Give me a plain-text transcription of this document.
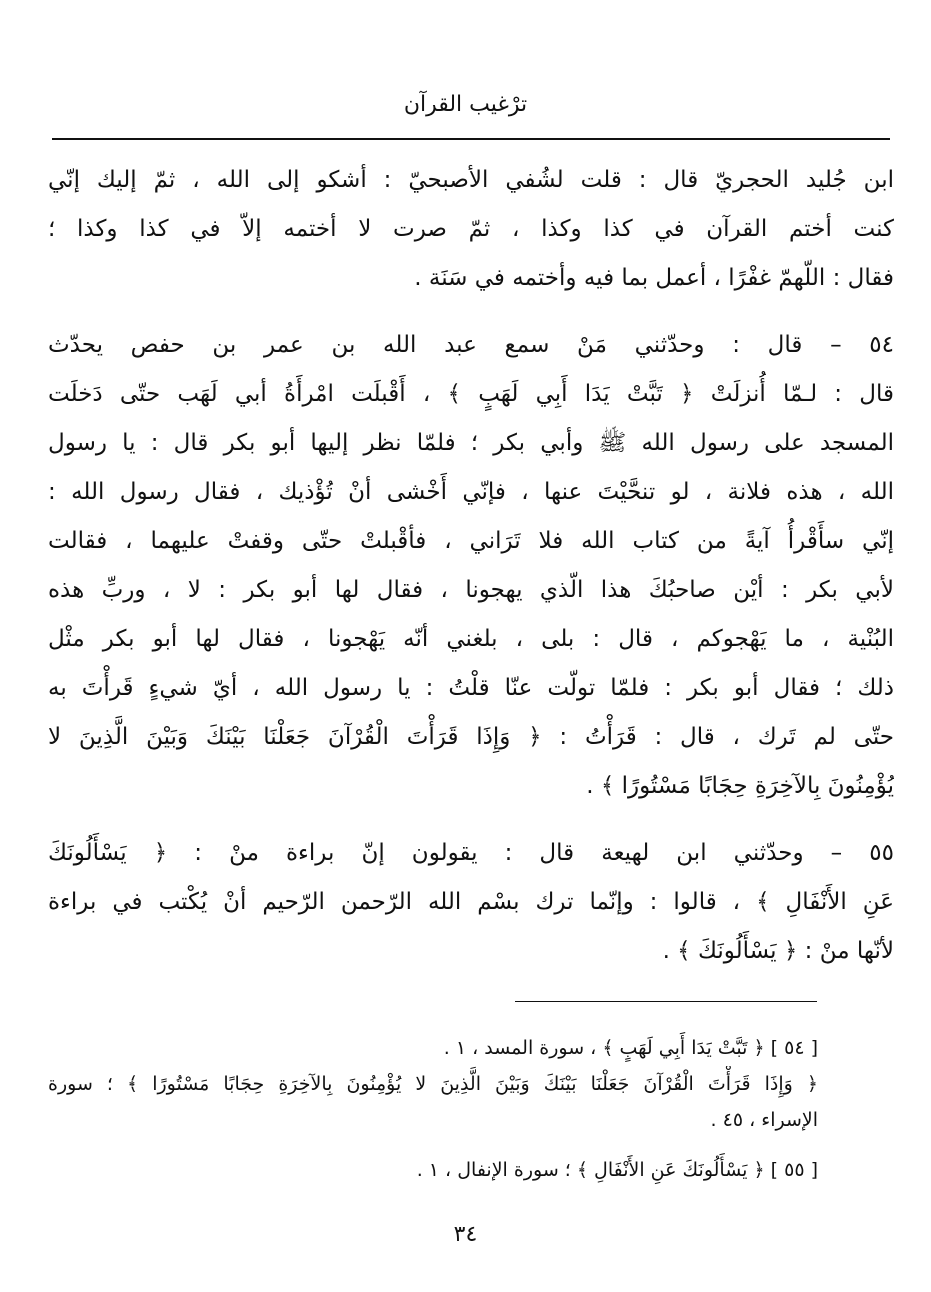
ترْغيب القرآن
ابن جُليد الحجريّ قال : قلت لشُفي الأصبحيّ : أشكو إلى الله ، ثمّ إليك إنّي
كنت أختم القرآن في كذا وكذا ، ثمّ صرت لا أختمه إلاّ في كذا وكذا ؛
فقال : اللّهمّ غفْرًا ، أعمل بما فيه وأختمه في سَنَة .
٥٤ – قال : وحدّثني مَنْ سمع عبد الله بن عمر بن حفص يحدّث
قال : لـمّا أُنزلَتْ ﴿ تَبَّتْ يَدَا أَبِي لَهَبٍ ﴾ ، أَقْبلَت امْرأَةُ أبي لَهَب حتّى دَخلَت
المسجد على رسول الله ﷺ وأبي بكر ؛ فلمّا نظر إليها أبو بكر قال : يا رسول
الله ، هذه فلانة ، لو تنحَّيْتَ عنها ، فإنّي أَخْشى أنْ تُؤْذيك ، فقال رسول الله :
إنّي سأَقْرأُ آيةً من كتاب الله فلا تَرَاني ، فأقْبلتْ حتّى وقفتْ عليهما ، فقالت
لأبي بكر : أيْن صاحبُكَ هذا الّذي يهجونا ، فقال لها أبو بكر : لا ، وربِّ هذه
البُنْية ، ما يَهْجوكم ، قال : بلى ، بلغني أنّه يَهْجونا ، فقال لها أبو بكر مثْل
ذلك ؛ فقال أبو بكر : فلمّا تولّت عنّا قلْتُ : يا رسول الله ، أيّ شيءٍ قَرأْتَ به
حتّى لم تَرك ، قال : قَرَأْتُ : ﴿ وَإِذَا قَرَأْتَ الْقُرْآنَ جَعَلْنَا بَيْنَكَ وَبَيْنَ الَّذِينَ لا
يُؤْمِنُونَ بِالآخِرَةِ حِجَابًا مَسْتُورًا ﴾ .
٥٥ – وحدّثني ابن لهيعة قال : يقولون إنّ براءة منْ : ﴿ يَسْأَلُونَكَ
عَنِ الأَنْفَالِ ﴾ ، قالوا : وإنّما ترك بسْم الله الرّحمن الرّحيم أنْ يُكْتب في براءة
لأنّها منْ : ﴿ يَسْأَلُونَكَ ﴾ .
[ ٥٤ ] ﴿ تَبَّتْ يَدَا أَبِي لَهَبٍ ﴾ ، سورة المسد ، ١ .
﴿ وَإِذَا قَرَأْتَ الْقُرْآنَ جَعَلْنَا بَيْنَكَ وَبَيْنَ الَّذِينَ لا يُؤْمِنُونَ بِالآخِرَةِ حِجَابًا مَسْتُورًا ﴾ ؛ سورة
الإسراء ، ٤٥ .
[ ٥٥ ] ﴿ يَسْأَلُونَكَ عَنِ الأَنْفَالِ ﴾ ؛ سورة الإنفال ، ١ .
٣٤
